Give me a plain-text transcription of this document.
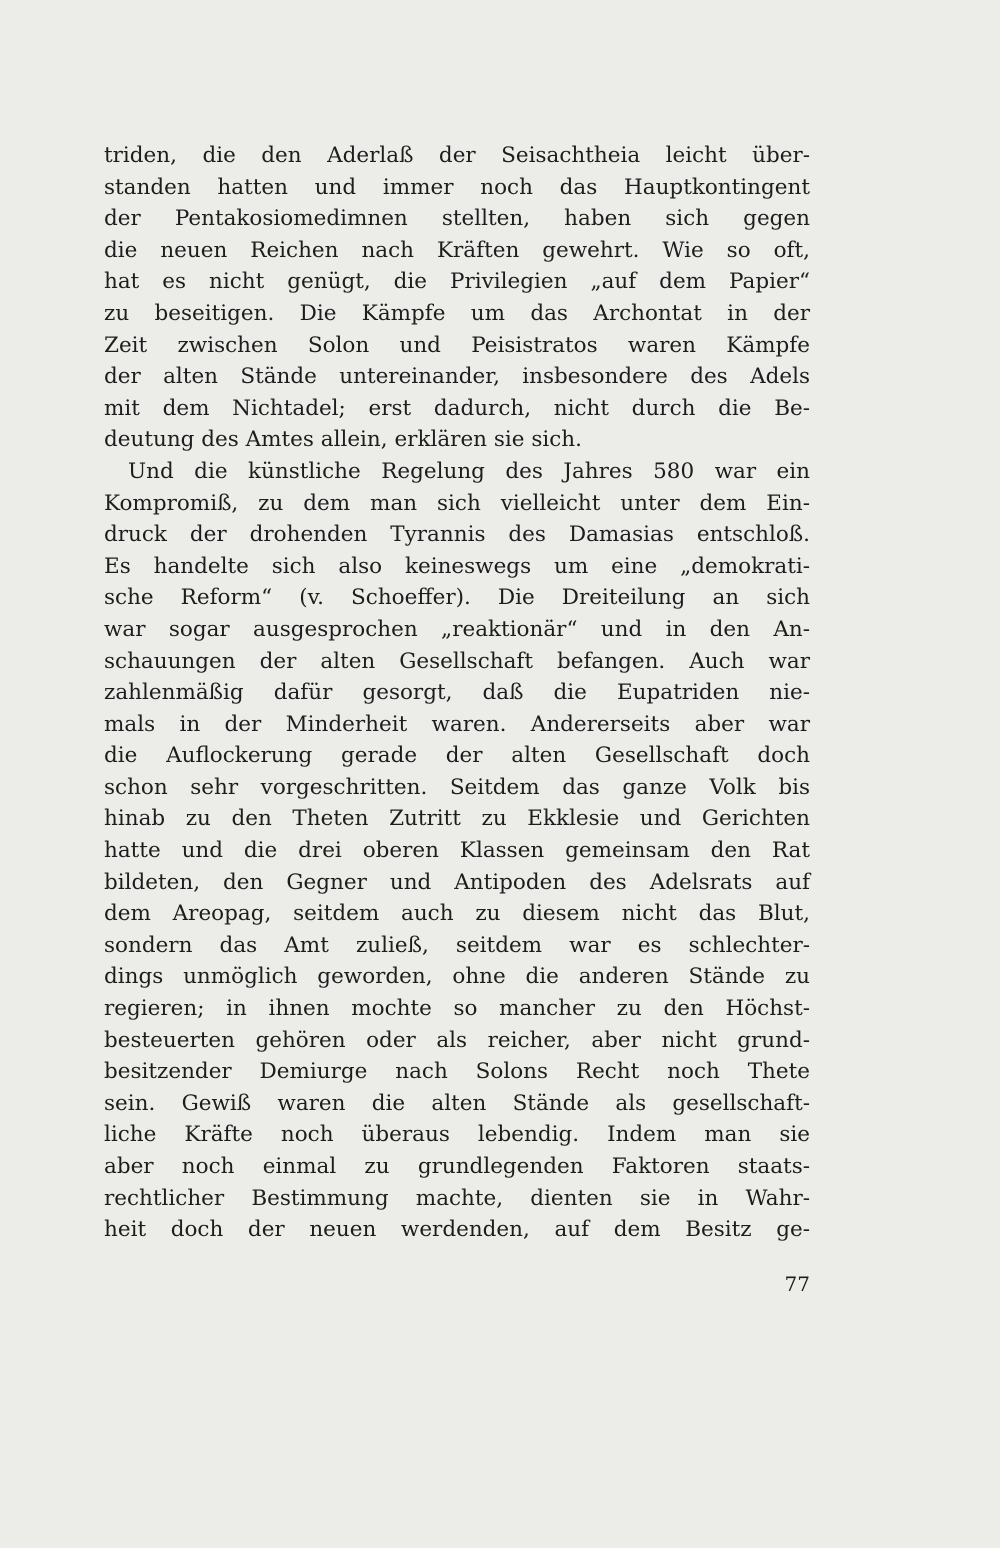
triden, die den Aderlaß der Seisachtheia leicht über-
standen hatten und immer noch das Hauptkontingent
der Pentakosiomedimnen stellten, haben sich gegen
die neuen Reichen nach Kräften gewehrt. Wie so oft,
hat es nicht genügt, die Privilegien „auf dem Papier“
zu beseitigen. Die Kämpfe um das Archontat in der
Zeit zwischen Solon und Peisistratos waren Kämpfe
der alten Stände untereinander, insbesondere des Adels
mit dem Nichtadel; erst dadurch, nicht durch die Be-
deutung des Amtes allein, erklären sie sich.
Und die künstliche Regelung des Jahres 580 war ein
Kompromiß, zu dem man sich vielleicht unter dem Ein-
druck der drohenden Tyrannis des Damasias entschloß.
Es handelte sich also keineswegs um eine „demokrati-
sche Reform“ (v. Schoeffer). Die Dreiteilung an sich
war sogar ausgesprochen „reaktionär“ und in den An-
schauungen der alten Gesellschaft befangen. Auch war
zahlenmäßig dafür gesorgt, daß die Eupatriden nie-
mals in der Minderheit waren. Andererseits aber war
die Auflockerung gerade der alten Gesellschaft doch
schon sehr vorgeschritten. Seitdem das ganze Volk bis
hinab zu den Theten Zutritt zu Ekklesie und Gerichten
hatte und die drei oberen Klassen gemeinsam den Rat
bildeten, den Gegner und Antipoden des Adelsrats auf
dem Areopag, seitdem auch zu diesem nicht das Blut,
sondern das Amt zuließ, seitdem war es schlechter-
dings unmöglich geworden, ohne die anderen Stände zu
regieren; in ihnen mochte so mancher zu den Höchst-
besteuerten gehören oder als reicher, aber nicht grund-
besitzender Demiurge nach Solons Recht noch Thete
sein. Gewiß waren die alten Stände als gesellschaft-
liche Kräfte noch überaus lebendig. Indem man sie
aber noch einmal zu grundlegenden Faktoren staats-
rechtlicher Bestimmung machte, dienten sie in Wahr-
heit doch der neuen werdenden, auf dem Besitz ge-
77
